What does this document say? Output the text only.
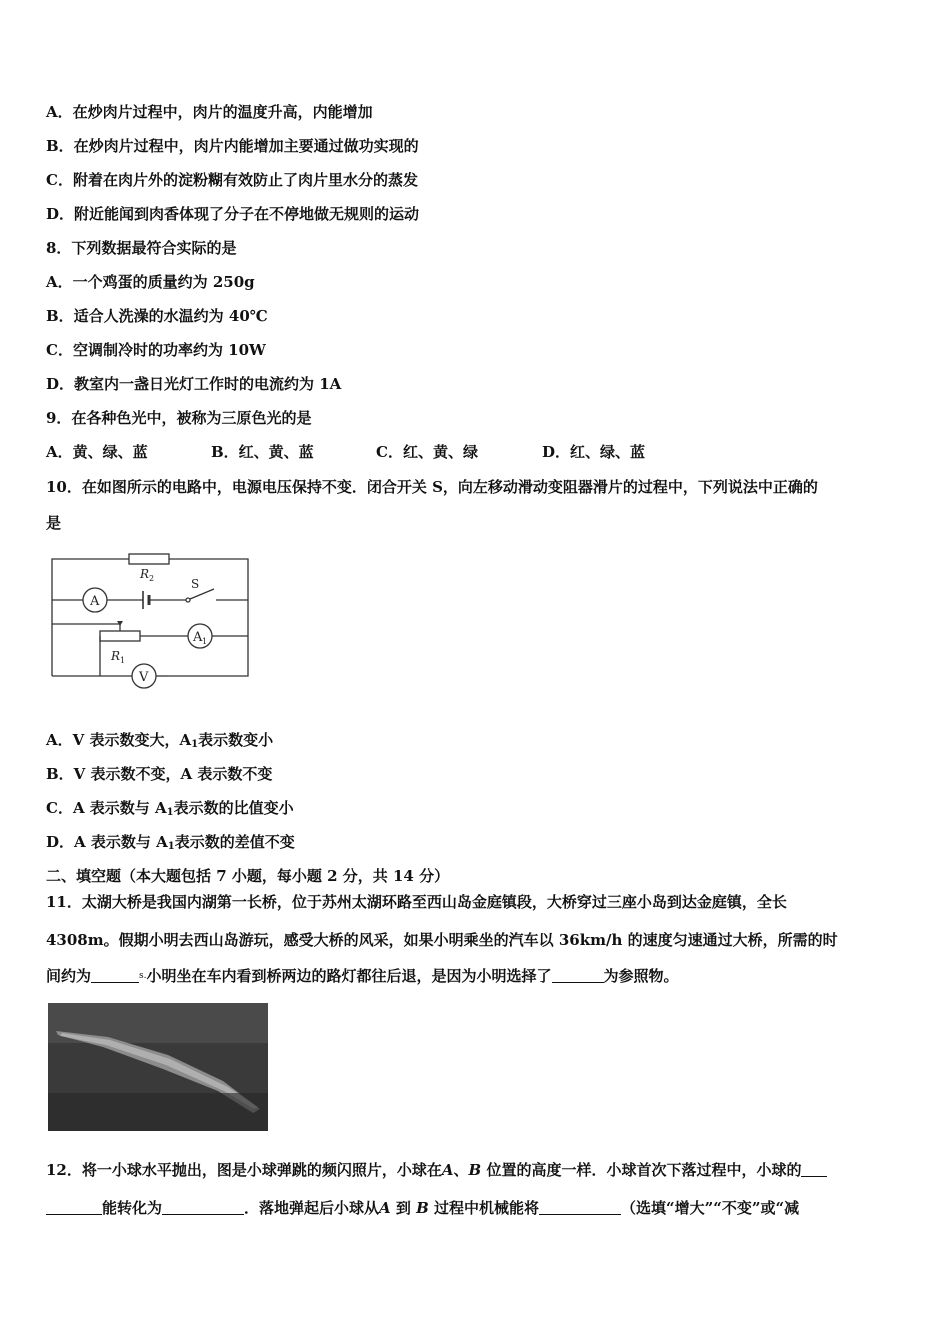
A．在炒肉片过程中，肉片的温度升高，内能增加
B．在炒肉片过程中，肉片内能增加主要通过做功实现的
C．附着在肉片外的淀粉糊有效防止了肉片里水分的蒸发
D．附近能闻到肉香体现了分子在不停地做无规则的运动
8．下列数据最符合实际的是
A．一个鸡蛋的质量约为 250g
B．适合人洗澡的水温约为 40℃
C．空调制冷时的功率约为 10W
D．教室内一盏日光灯工作时的电流约为 1A
9．在各种色光中，被称为三原色光的是
A．黄、绿、蓝	B．红、黄、蓝	C．红、黄、绿	D．红、绿、蓝
10．在如图所示的电路中，电源电压保持不变．闭合开关 S，向左移动滑动变阻器滑片的过程中，下列说法中正确的
是
R 2	S
A
A 1
R 1
V
A．V 表示数变大，$A_1$表示数变小
B．V 表示数不变，A 表示数不变
C．A 表示数与 $A_1$表示数的比值变小
D．A 表示数与 $A_1$表示数的差值不变
二、填空题（本大题包括 7 小题，每小题 2 分，共 14 分）
11．太湖大桥是我国内湖第一长桥，位于苏州太湖环路至西山岛金庭镇段，大桥穿过三座小岛到达金庭镇，全长
4308m。假期小明去西山岛游玩，感受大桥的风采，如果小明乘坐的汽车以 36km/h 的速度匀速通过大桥，所需的时
间约为	$^{s.}$小明坐在车内看到桥两边的路灯都往后退，是因为小明选择了	为参照物。
12．将一小球水平抛出，图是小球弹跳的频闪照片，小球在A、B 位置的高度一样．小球首次下落过程中，小球的
能转化为	．落地弹起后小球从A 到 B 过程中机械能将	（选填“增大”“不变”或“减
